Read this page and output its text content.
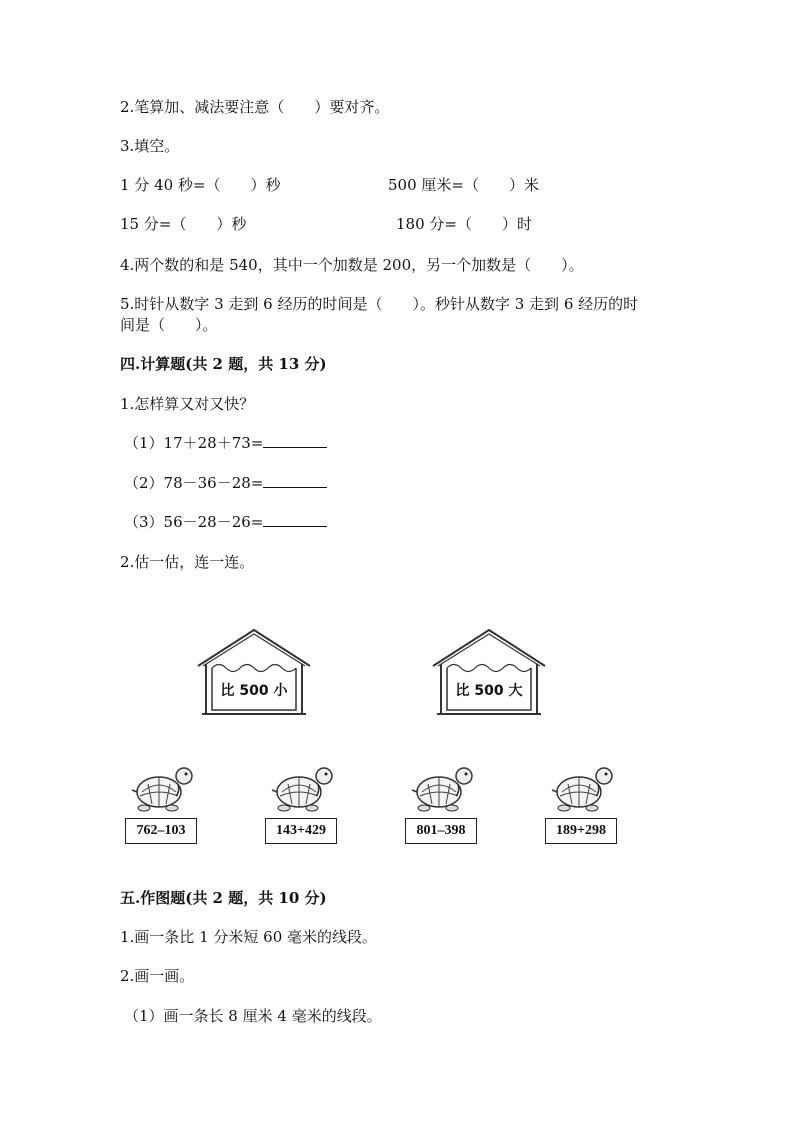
2.笔算加、减法要注意（　　）要对齐。
3.填空。
1 分 40 秒=（　　）秒	500 厘米=（　　）米
15 分=（　　）秒	180 分=（　　）时
4.两个数的和是 540，其中一个加数是 200，另一个加数是（　　）。
5.时针从数字 3 走到 6 经历的时间是（　　）。秒针从数字 3 走到 6 经历的时
间是（　　）。
四.计算题(共 2 题，共 13 分)
1.怎样算又对又快？
（1）17＋28＋73=
（2）78－36－28=
（3）56－28－26=
2.估一估，连一连。
比 500 小	比 500 大
762–103	143+429	801–398	189+298
五.作图题(共 2 题，共 10 分)
1.画一条比 1 分米短 60 毫米的线段。
2.画一画。
（1）画一条长 8 厘米 4 毫米的线段。
